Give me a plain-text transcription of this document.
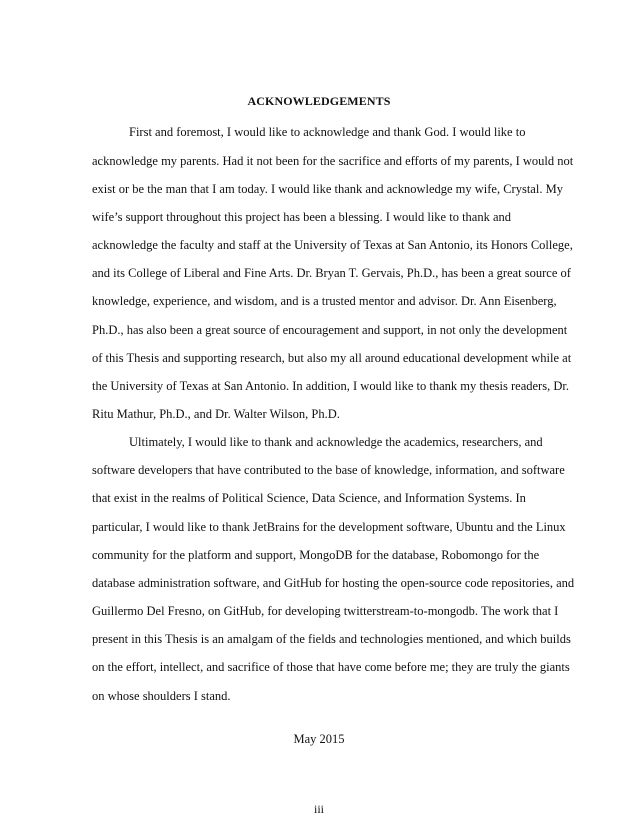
ACKNOWLEDGEMENTS
First and foremost, I would like to acknowledge and thank God. I would like to
acknowledge my parents. Had it not been for the sacrifice and efforts of my parents, I would not
exist or be the man that I am today. I would like thank and acknowledge my wife, Crystal. My
wife’s support throughout this project has been a blessing. I would like to thank and
acknowledge the faculty and staff at the University of Texas at San Antonio, its Honors College,
and its College of Liberal and Fine Arts. Dr. Bryan T. Gervais, Ph.D., has been a great source of
knowledge, experience, and wisdom, and is a trusted mentor and advisor. Dr. Ann Eisenberg,
Ph.D., has also been a great source of encouragement and support, in not only the development
of this Thesis and supporting research, but also my all around educational development while at
the University of Texas at San Antonio. In addition, I would like to thank my thesis readers, Dr.
Ritu Mathur, Ph.D., and Dr. Walter Wilson, Ph.D.
Ultimately, I would like to thank and acknowledge the academics, researchers, and
software developers that have contributed to the base of knowledge, information, and software
that exist in the realms of Political Science, Data Science, and Information Systems. In
particular, I would like to thank JetBrains for the development software, Ubuntu and the Linux
community for the platform and support, MongoDB for the database, Robomongo for the
database administration software, and GitHub for hosting the open-source code repositories, and
Guillermo Del Fresno, on GitHub, for developing twitterstream-to-mongodb. The work that I
present in this Thesis is an amalgam of the fields and technologies mentioned, and which builds
on the effort, intellect, and sacrifice of those that have come before me; they are truly the giants
on whose shoulders I stand.
May 2015
iii
